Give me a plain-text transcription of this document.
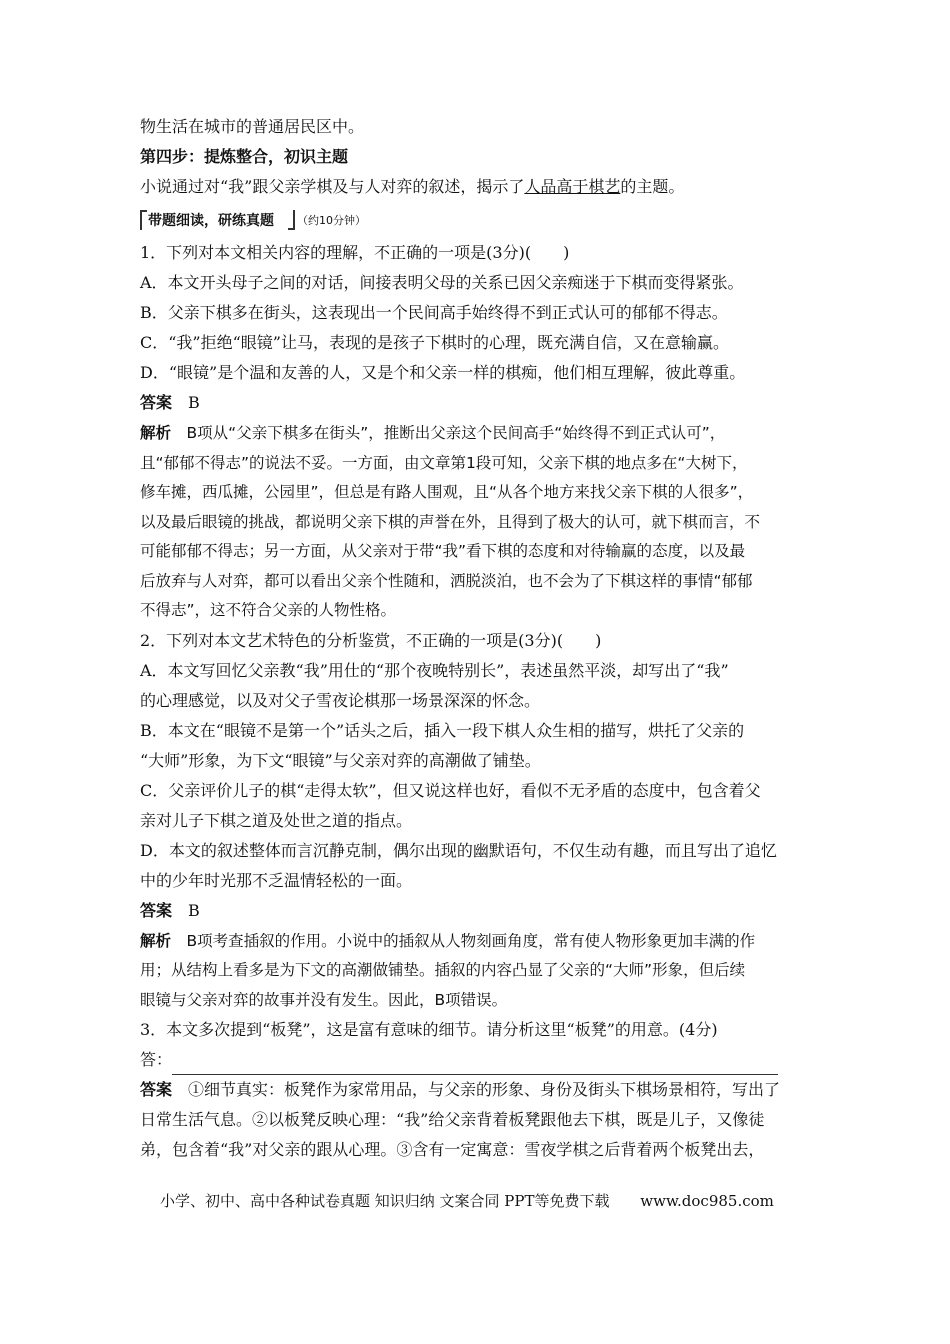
物生活在城市的普通居民区中。
第四步：提炼整合，初识主题
小说通过对“我”跟父亲学棋及与人对弈的叙述，揭示了人品高于棋艺的主题。
带题细读，研练真题 （约10分钟）
1．下列对本文相关内容的理解，不正确的一项是(3分)(　　)
A．本文开头母子之间的对话，间接表明父母的关系已因父亲痴迷于下棋而变得紧张。
B．父亲下棋多在街头，这表现出一个民间高手始终得不到正式认可的郁郁不得志。
C．“我”拒绝“眼镜”让马，表现的是孩子下棋时的心理，既充满自信，又在意输赢。
D．“眼镜”是个温和友善的人，又是个和父亲一样的棋痴，他们相互理解，彼此尊重。
答案　 B
解析　 B项从“父亲下棋多在街头”，推断出父亲这个民间高手“始终得不到正式认可”，
且“郁郁不得志”的说法不妥。一方面，由文章第1段可知，父亲下棋的地点多在“大树下，
修车摊，西瓜摊，公园里”，但总是有路人围观，且“从各个地方来找父亲下棋的人很多”，
以及最后眼镜的挑战，都说明父亲下棋的声誉在外，且得到了极大的认可，就下棋而言，不
可能郁郁不得志；另一方面，从父亲对于带“我”看下棋的态度和对待输赢的态度，以及最
后放弃与人对弈，都可以看出父亲个性随和，洒脱淡泊，也不会为了下棋这样的事情“郁郁
不得志”，这不符合父亲的人物性格。
2．下列对本文艺术特色的分析鉴赏，不正确的一项是(3分)(　　)
A．本文写回忆父亲教“我”用仕的“那个夜晚特别长”，表述虽然平淡，却写出了“我”
的心理感觉，以及对父子雪夜论棋那一场景深深的怀念。
B．本文在“眼镜不是第一个”话头之后，插入一段下棋人众生相的描写，烘托了父亲的
“大师”形象，为下文“眼镜”与父亲对弈的高潮做了铺垫。
C．父亲评价儿子的棋“走得太软”，但又说这样也好，看似不无矛盾的态度中，包含着父
亲对儿子下棋之道及处世之道的指点。
D．本文的叙述整体而言沉静克制，偶尔出现的幽默语句，不仅生动有趣，而且写出了追忆
中的少年时光那不乏温情轻松的一面。
答案　 B
解析　 B项考查插叙的作用。小说中的插叙从人物刻画角度，常有使人物形象更加丰满的作
用；从结构上看多是为下文的高潮做铺垫。插叙的内容凸显了父亲的“大师”形象，但后续
眼镜与父亲对弈的故事并没有发生。因此，B项错误。
3．本文多次提到“板凳”，这是富有意味的细节。请分析这里“板凳”的用意。(4分)
答：
答案　 ①细节真实：板凳作为家常用品，与父亲的形象、身份及街头下棋场景相符，写出了
日常生活气息。②以板凳反映心理：“我”给父亲背着板凳跟他去下棋，既是儿子，又像徒
弟，包含着“我”对父亲的跟从心理。③含有一定寓意：雪夜学棋之后背着两个板凳出去，
小学、初中、高中各种试卷真题 知识归纳 文案合同 PPT等免费下载 www.doc985.com
